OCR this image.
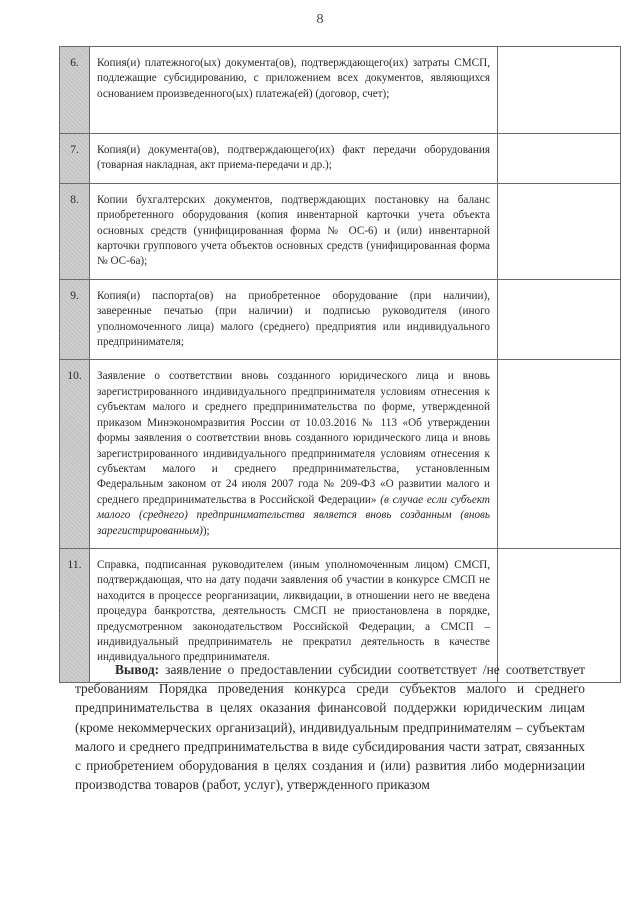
8
6.	Копия(и) платежного(ых) документа(ов), подтверждающего(их) затраты СМСП, подлежащие субсидированию, с приложением всех документов, являющихся основанием произведенного(ых) платежа(ей) (договор, счет);	
7.	Копия(и) документа(ов), подтверждающего(их) факт передачи оборудования (товарная накладная, акт приема-передачи и др.);	
8.	Копии бухгалтерских документов, подтверждающих постановку на баланс приобретенного оборудования (копия инвентарной карточки учета объекта основных средств (унифицированная форма № ОС-6) и (или) инвентарной карточки группового учета объектов основных средств (унифицированная форма № ОС-6а);	
9.	Копия(и) паспорта(ов) на приобретенное оборудование (при наличии), заверенные печатью (при наличии) и подписью руководителя (иного уполномоченного лица) малого (среднего) предприятия или индивидуального предпринимателя;	
10.	Заявление о соответствии вновь созданного юридического лица и вновь зарегистрированного индивидуального предпринимателя условиям отнесения к субъектам малого и среднего предпринимательства по форме, утвержденной приказом Минэкономразвития России от 10.03.2016 № 113 «Об утверждении формы заявления о соответствии вновь созданного юридического лица и вновь зарегистрированного индивидуального предпринимателя условиям отнесения к субъектам малого и среднего предпринимательства, установленным Федеральным законом от 24 июля 2007 года № 209-ФЗ «О развитии малого и среднего предпринимательства в Российской Федерации» (в случае если субъект малого (среднего) предпринимательства является вновь созданным (вновь зарегистрированным));	
11.	Справка, подписанная руководителем (иным уполномоченным лицом) СМСП, подтверждающая, что на дату подачи заявления об участии в конкурсе СМСП не находится в процессе реорганизации, ликвидации, в отношении него не введена процедура банкротства, деятельность СМСП не приостановлена в порядке, предусмотренном законодательством Российской Федерации, а СМСП – индивидуальный предприниматель не прекратил деятельность в качестве индивидуального предпринимателя.	

Вывод: заявление о предоставлении субсидии соответствует /не соответствует требованиям Порядка проведения конкурса среди субъектов малого и среднего предпринимательства в целях оказания финансовой поддержки юридическим лицам (кроме некоммерческих организаций), индивидуальным предпринимателям – субъектам малого и среднего предпринимательства в виде субсидирования части затрат, связанных с приобретением оборудования в целях создания и (или) развития либо модернизации производства товаров (работ, услуг), утвержденного приказом
